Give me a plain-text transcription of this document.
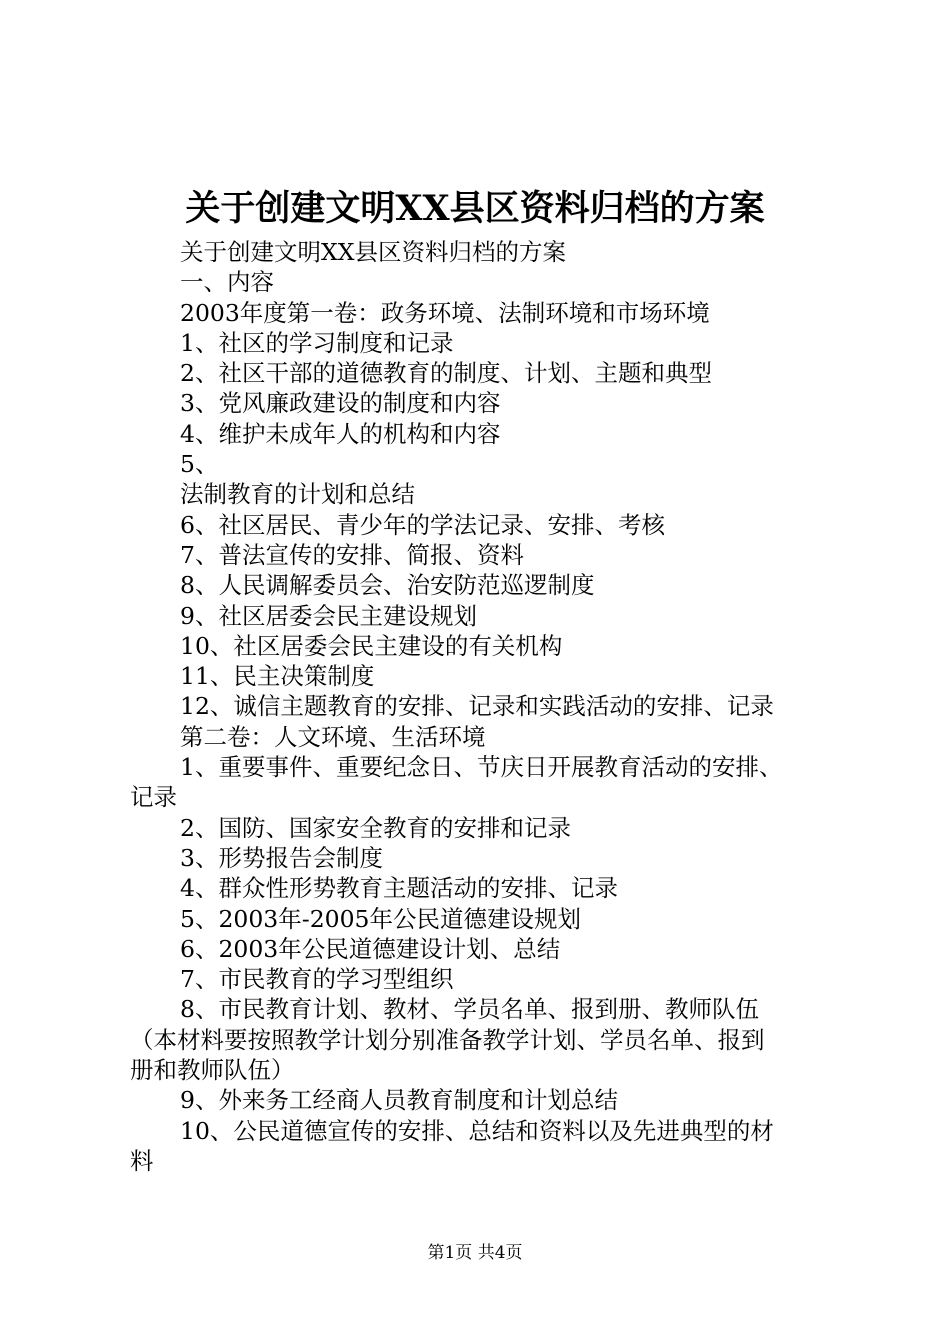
关于创建文明XX县区资料归档的方案
关于创建文明XX县区资料归档的方案
一、内容
2003年度第一卷：政务环境、法制环境和市场环境
1、社区的学习制度和记录
2、社区干部的道德教育的制度、计划、主题和典型
3、党风廉政建设的制度和内容
4、维护未成年人的机构和内容
5、
法制教育的计划和总结
6、社区居民、青少年的学法记录、安排、考核
7、普法宣传的安排、简报、资料
8、人民调解委员会、治安防范巡逻制度
9、社区居委会民主建设规划
10、社区居委会民主建设的有关机构
11、民主决策制度
12、诚信主题教育的安排、记录和实践活动的安排、记录
第二卷：人文环境、生活环境
1、重要事件、重要纪念日、节庆日开展教育活动的安排、
记录
2、国防、国家安全教育的安排和记录
3、形势报告会制度
4、群众性形势教育主题活动的安排、记录
5、2003年-2005年公民道德建设规划
6、2003年公民道德建设计划、总结
7、市民教育的学习型组织
8、市民教育计划、教材、学员名单、报到册、教师队伍
（本材料要按照教学计划分别准备教学计划、学员名单、报到
册和教师队伍）
9、外来务工经商人员教育制度和计划总结
10、公民道德宣传的安排、总结和资料以及先进典型的材
料
第1页 共4页
